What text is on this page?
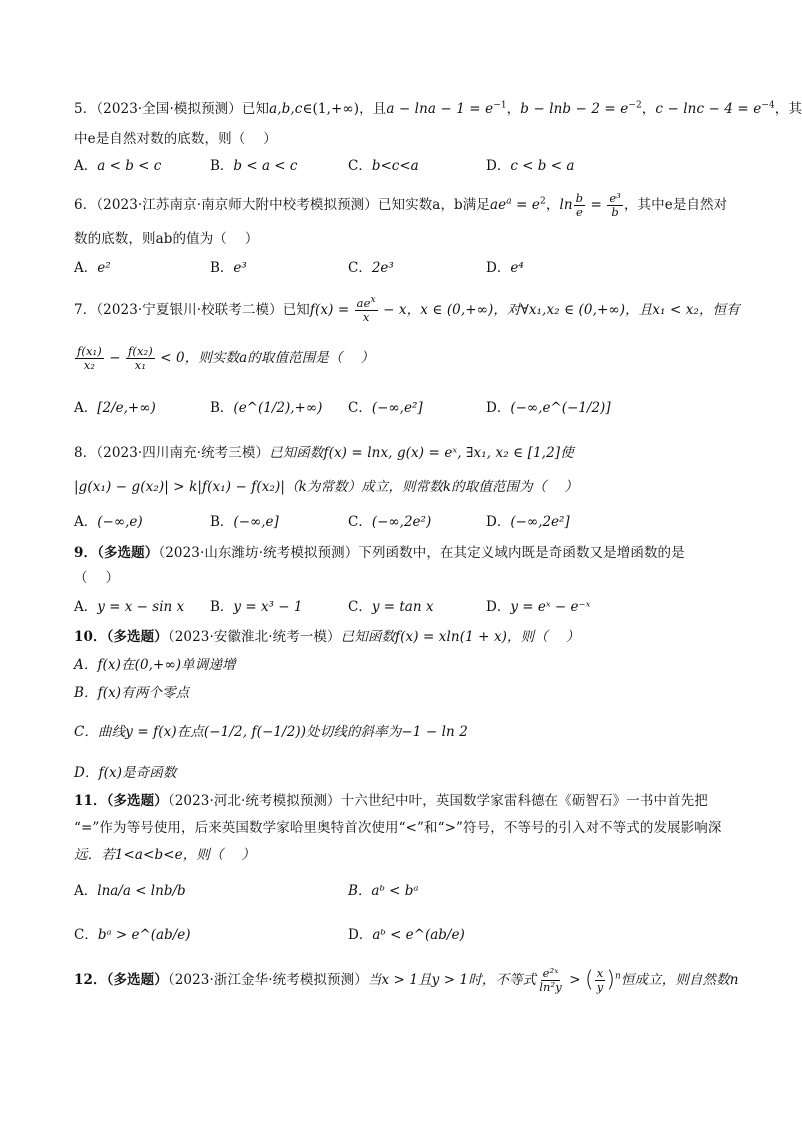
5．（2023·全国·模拟预测）已知a,b,c∈(1,+∞)，且$a - \ln a - 1 = e^{-1}$，$b - \ln b - 2 = e^{-2}$，$c - \ln c - 4 = e^{-4}$，其
中e是自然对数的底数，则（　 ）
A．a < b < c	B．b < a < c	C．b<c<a	D．c < b < a
6．（2023·江苏南京·南京师大附中校考模拟预测）已知实数a，b满足$ae^a = e^2$，$\ln \frac{b}{e} = \frac{\text{e³}}{b}$ ，其中e是自然对
数的底数，则ab的值为（　 ）
A．e²	B．e³	C．2e³	D．e⁴
7．（2023·宁夏银川·校联考二模）已知$f(x) = \frac{ae^x}{x} - x$，x ∈ (0,+∞)，对∀x₁,x₂ ∈ (0,+∞)，且x₁ < x₂，恒有
$\frac{\text{f(x₁)}}{\text{x₂}} - \frac{\text{f(x₂)}}{\text{x₁}} < 0$，则实数a的取值范围是（　 ）
A．[2/e,+∞)	B．(e^(1/2),+∞) C．(−∞,e²]	D．(−∞,e^(−1/2)]
8．（2023·四川南充·统考三模）已知函数f(x) = lnx, g(x) = eˣ, ∃x₁, x₂ ∈ [1,2]使
|g(x₁) − g(x₂)| > k|f(x₁) − f(x₂)|（k为常数）成立，则常数k的取值范围为（　 ）
A．(−∞,e)	B．(−∞,e]	C．(−∞,2e²)	D．(−∞,2e²]
9．（多选题）（2023·山东潍坊·统考模拟预测）下列函数中，在其定义域内既是奇函数又是增函数的是
（　 ）
A．y = x − sin x B．y = x³ − 1	C．y = tan x	D．y = eˣ − e⁻ˣ
10．（多选题）（2023·安徽淮北·统考一模）已知函数f(x) = xln(1 + x)，则（　 ）
A．f(x)在(0,+∞)单调递增
B．f(x)有两个零点
C．曲线y = f(x)在点(−1/2, f(−1/2))处切线的斜率为−1 − ln 2
D．f(x)是奇函数
11．（多选题）（2023·河北·统考模拟预测）十六世纪中叶，英国数学家雷科德在《砺智石》一书中首先把
“=”作为等号使用，后来英国数学家哈里奥特首次使用“<”和“>”符号，不等号的引入对不等式的发展影响深
远．若1<a<b<e，则（　 ）
A．lna/a < lnb/b	B．aᵇ < bᵃ
C．bᵃ > e^(ab/e)	D．aᵇ < e^(ab/e)
12．（多选题）（2023·浙江金华·统考模拟预测）当x > 1且y > 1时，不等式 $\frac{\text{e²ˣ}}{\text{ln²y}}$ > ( $\frac{x}{y} )^n$恒成立，则自然数n
